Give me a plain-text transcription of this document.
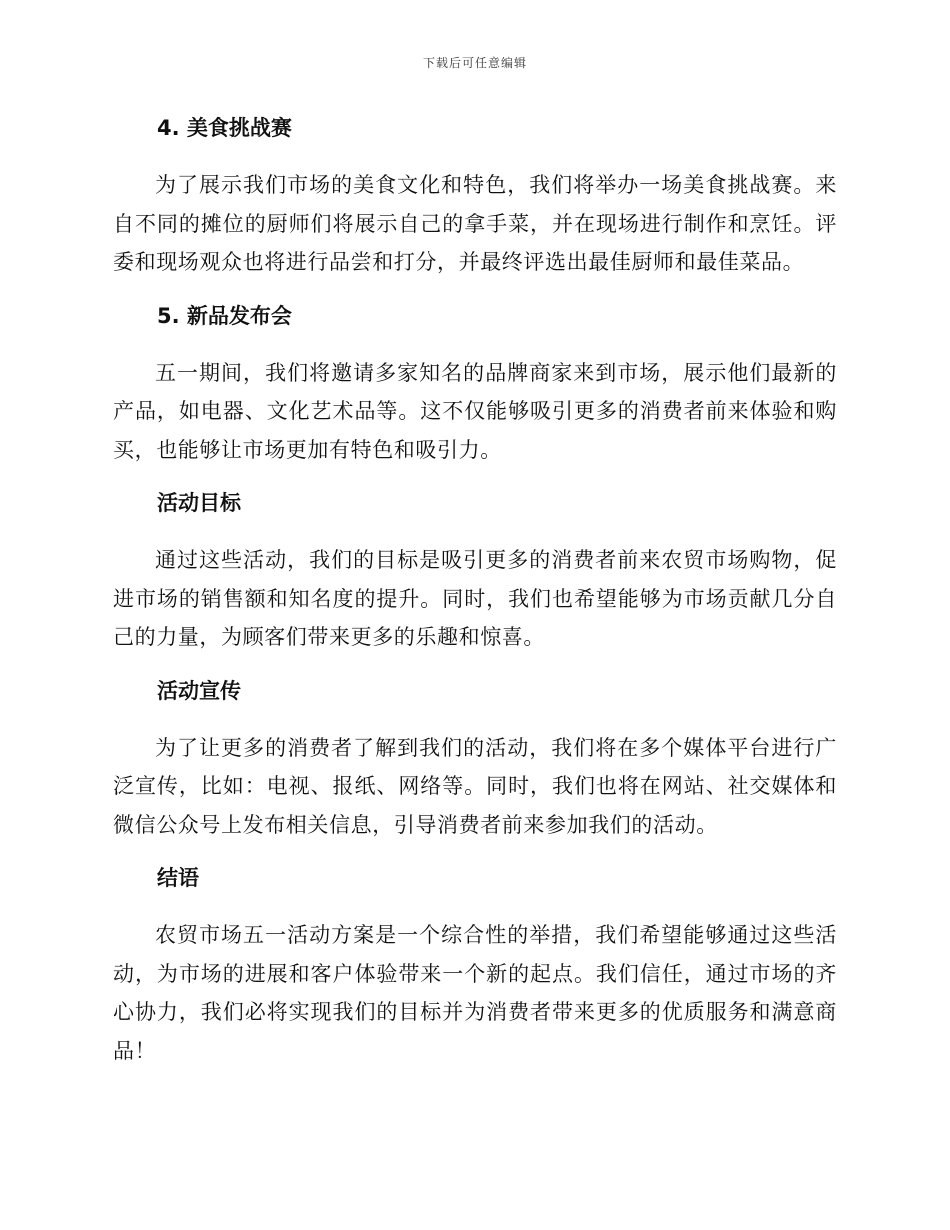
下载后可任意编辑
4. 美食挑战赛

为了展示我们市场的美食文化和特色，我们将举办一场美食挑战赛。来自不同的摊位的厨师们将展示自己的拿手菜，并在现场进行制作和烹饪。评委和现场观众也将进行品尝和打分，并最终评选出最佳厨师和最佳菜品。

5. 新品发布会

五一期间，我们将邀请多家知名的品牌商家来到市场，展示他们最新的产品，如电器、文化艺术品等。这不仅能够吸引更多的消费者前来体验和购买，也能够让市场更加有特色和吸引力。

活动目标

通过这些活动，我们的目标是吸引更多的消费者前来农贸市场购物，促进市场的销售额和知名度的提升。同时，我们也希望能够为市场贡献几分自己的力量，为顾客们带来更多的乐趣和惊喜。

活动宣传

为了让更多的消费者了解到我们的活动，我们将在多个媒体平台进行广泛宣传，比如：电视、报纸、网络等。同时，我们也将在网站、社交媒体和微信公众号上发布相关信息，引导消费者前来参加我们的活动。

结语

农贸市场五一活动方案是一个综合性的举措，我们希望能够通过这些活动，为市场的进展和客户体验带来一个新的起点。我们信任，通过市场的齐心协力，我们必将实现我们的目标并为消费者带来更多的优质服务和满意商品！
